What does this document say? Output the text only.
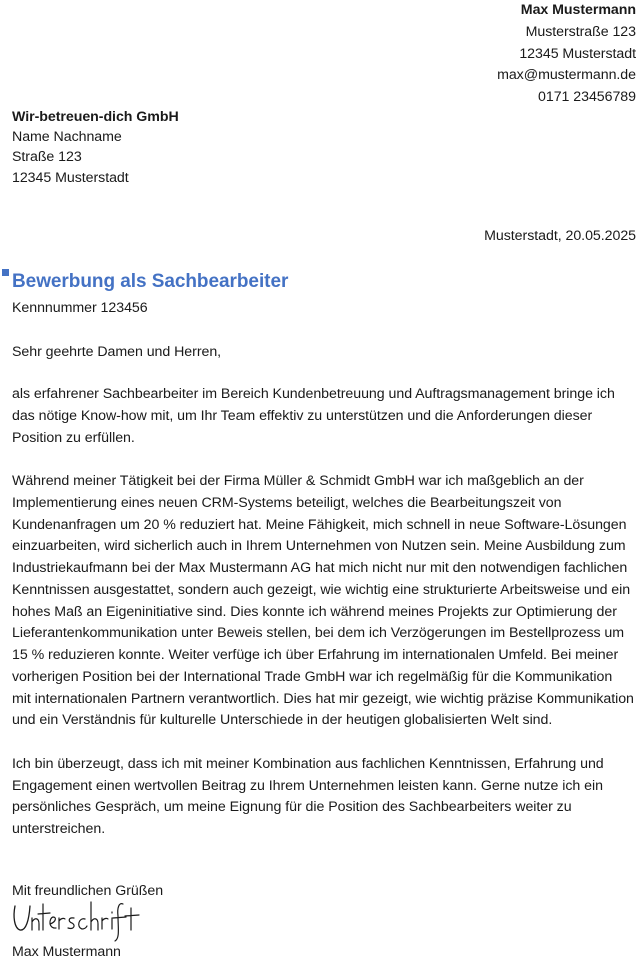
Max Mustermann
Musterstraße 123
12345 Musterstadt
max@mustermann.de
0171 23456789
Wir-betreuen-dich GmbH
Name Nachname
Straße 123
12345 Musterstadt
Musterstadt, 20.05.2025
Bewerbung als Sachbearbeiter
Kennnummer 123456
Sehr geehrte Damen und Herren,

als erfahrener Sachbearbeiter im Bereich Kundenbetreuung und Auftragsmanagement bringe ich das nötige Know-how mit, um Ihr Team effektiv zu unterstützen und die Anforderungen dieser Position zu erfüllen.

Während meiner Tätigkeit bei der Firma Müller & Schmidt GmbH war ich maßgeblich an der Implementierung eines neuen CRM-Systems beteiligt, welches die Bearbeitungszeit von Kundenanfragen um 20 % reduziert hat. Meine Fähigkeit, mich schnell in neue Software-Lösungen einzuarbeiten, wird sicherlich auch in Ihrem Unternehmen von Nutzen sein. Meine Ausbildung zum Industriekaufmann bei der Max Mustermann AG hat mich nicht nur mit den notwendigen fachlichen Kenntnissen ausgestattet, sondern auch gezeigt, wie wichtig eine strukturierte Arbeitsweise und ein hohes Maß an Eigeninitiative sind. Dies konnte ich während meines Projekts zur Optimierung der Lieferantenkommunikation unter Beweis stellen, bei dem ich Verzögerungen im Bestellprozess um 15 % reduzieren konnte. Weiter verfüge ich über Erfahrung im internationalen Umfeld. Bei meiner vorherigen Position bei der International Trade GmbH war ich regelmäßig für die Kommunikation mit internationalen Partnern verantwortlich. Dies hat mir gezeigt, wie wichtig präzise Kommunikation und ein Verständnis für kulturelle Unterschiede in der heutigen globalisierten Welt sind.

Ich bin überzeugt, dass ich mit meiner Kombination aus fachlichen Kenntnissen, Erfahrung und Engagement einen wertvollen Beitrag zu Ihrem Unternehmen leisten kann. Gerne nutze ich ein persönliches Gespräch, um meine Eignung für die Position des Sachbearbeiters weiter zu unterstreichen.

Mit freundlichen Grüßen
Max Mustermann
